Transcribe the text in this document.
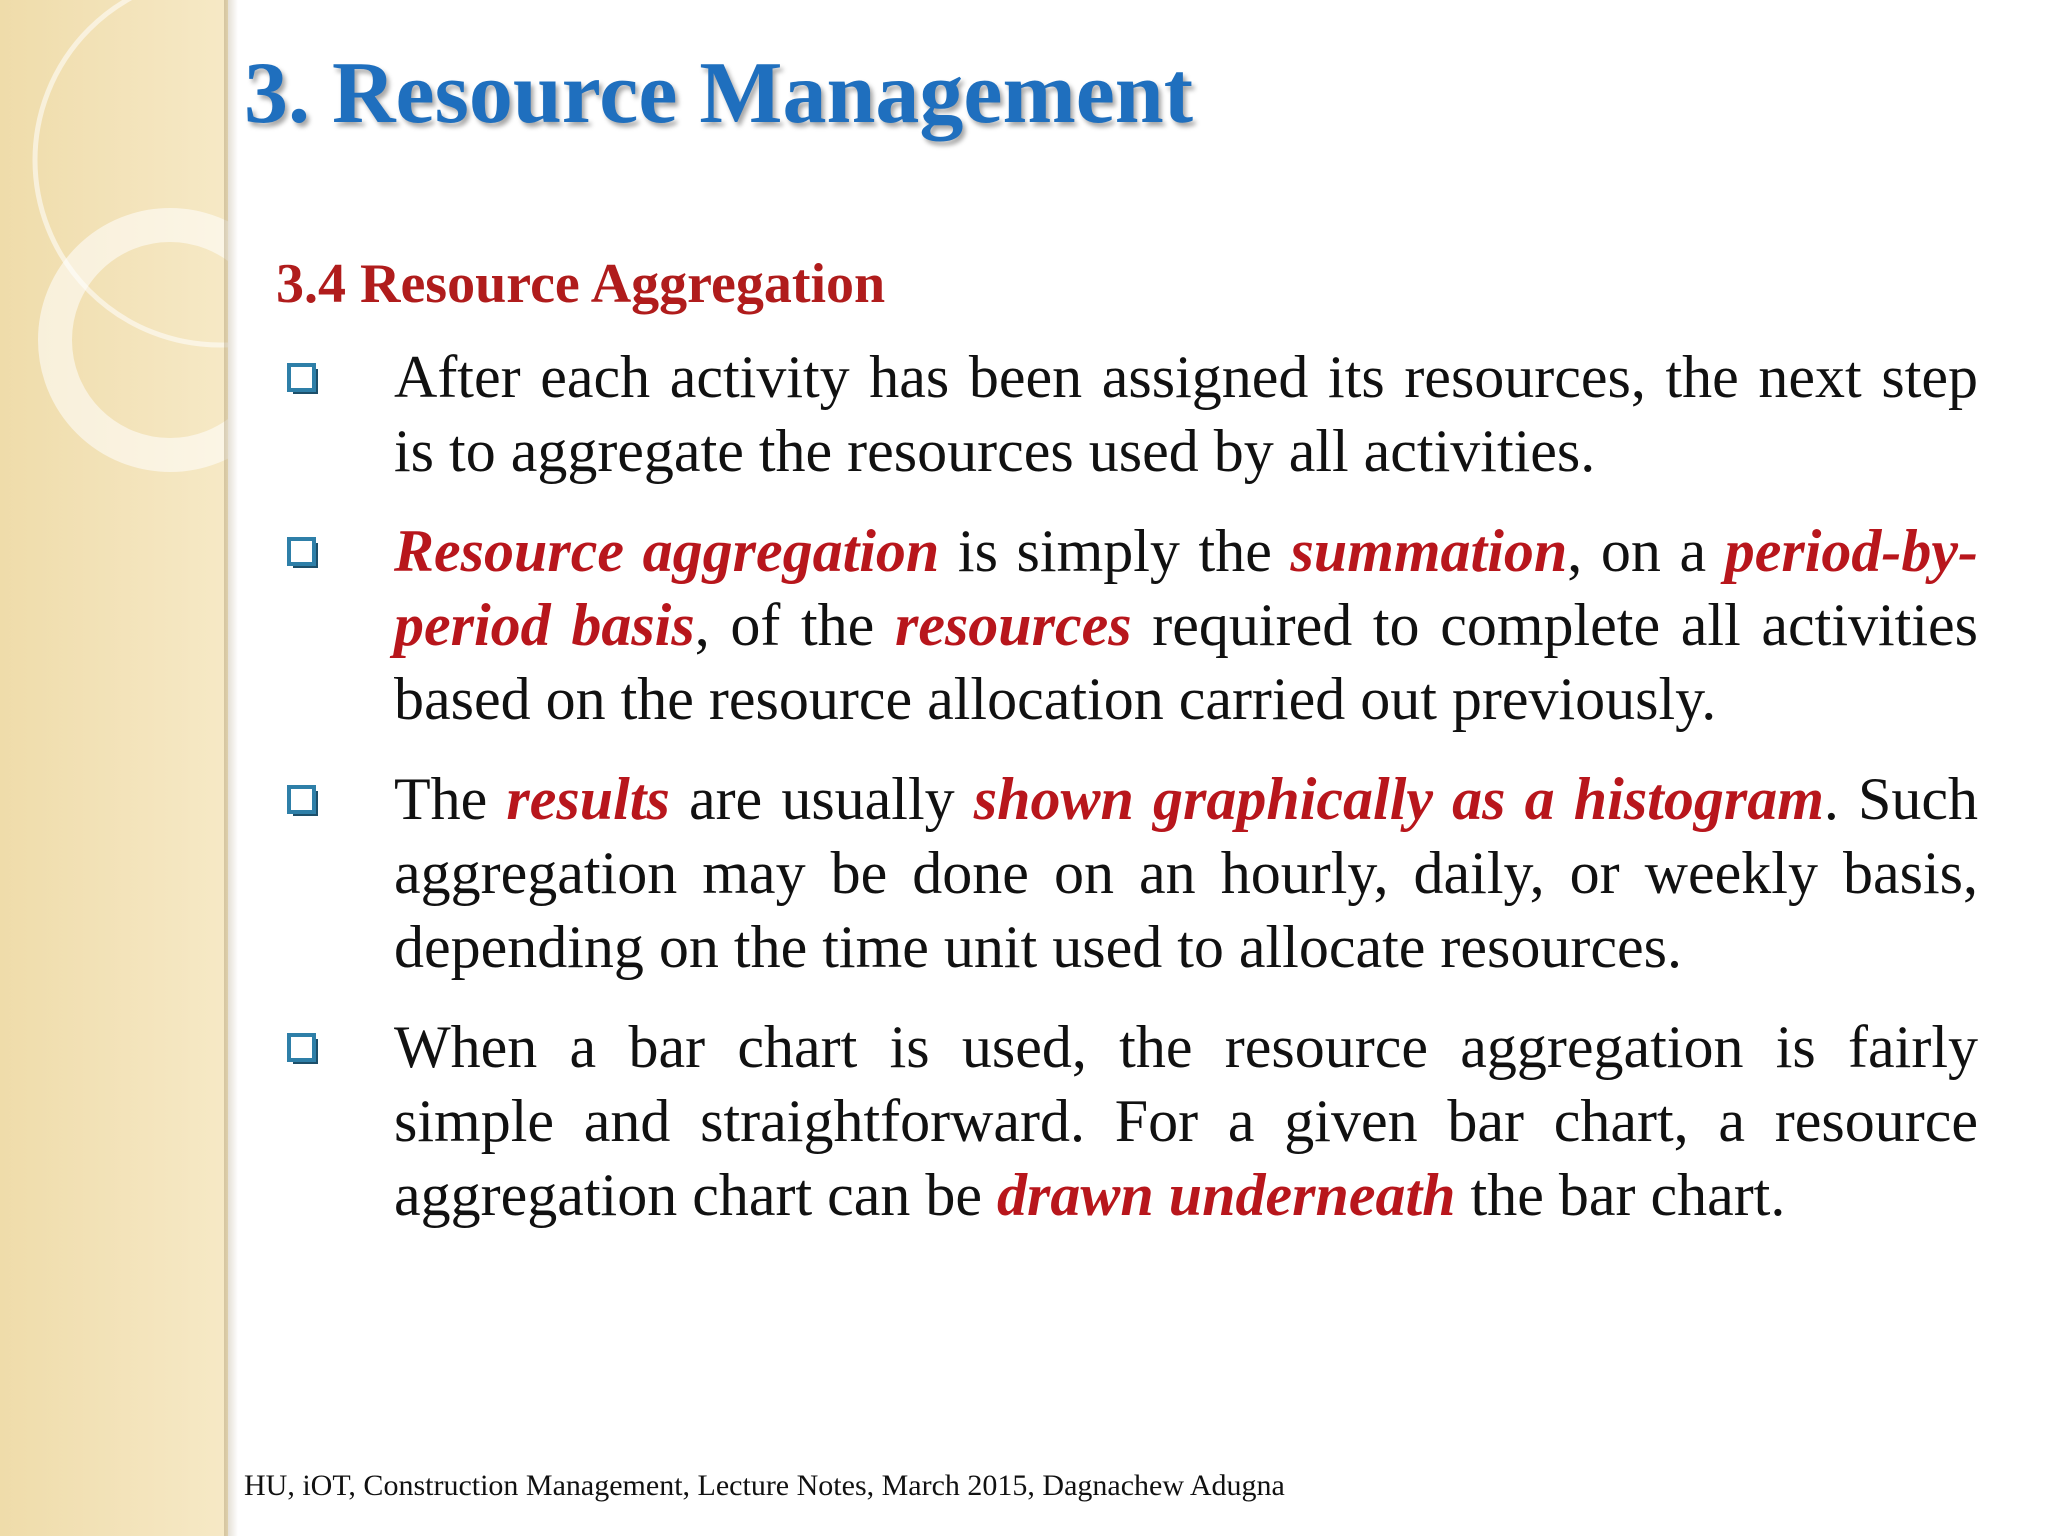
3. Resource Management
3.4 Resource Aggregation

After each activity has been assigned its resources, the next step is to aggregate the resources used by all activities.

Resource aggregation is simply the summation, on a period-by-period basis, of the resources required to complete all activities based on the resource allocation carried out previously.

The results are usually shown graphically as a histogram. Such aggregation may be done on an hourly, daily, or weekly basis, depending on the time unit used to allocate resources.

When a bar chart is used, the resource aggregation is fairly simple and straightforward. For a given bar chart, a resource aggregation chart can be drawn underneath the bar chart.

HU, iOT, Construction Management, Lecture Notes, March 2015, Dagnachew Adugna
